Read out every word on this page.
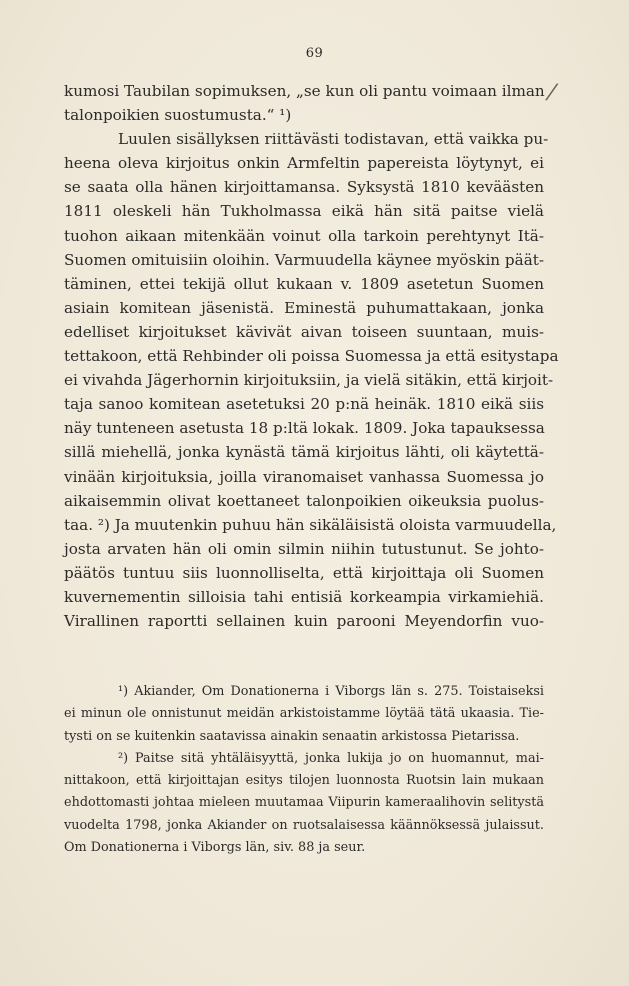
69
/
kumosi Taubilan sopimuksen, „se kun oli pantu voimaan ilman
talonpoikien suostumusta.“ ¹)
Luulen sisällyksen riittävästi todistavan, että vaikka pu-
heena oleva kirjoitus onkin Armfeltin papereista löytynyt, ei
se saata olla hänen kirjoittamansa. Syksystä 1810 keväästen
1811 oleskeli hän Tukholmassa eikä hän sitä paitse vielä
tuohon aikaan mitenkään voinut olla tarkoin perehtynyt Itä-
Suomen omituisiin oloihin. Varmuudella käynee myöskin päät-
täminen, ettei tekijä ollut kukaan v. 1809 asetetun Suomen
asiain komitean jäsenistä. Eminestä puhumattakaan, jonka
edelliset kirjoitukset kävivät aivan toiseen suuntaan, muis-
tettakoon, että Rehbinder oli poissa Suomessa ja että esitystapa
ei vivahda Jägerhornin kirjoituksiin, ja vielä sitäkin, että kirjoit-
taja sanoo komitean asetetuksi 20 p:nä heinäk. 1810 eikä siis
näy tunteneen asetusta 18 p:ltä lokak. 1809. Joka tapauksessa
sillä miehellä, jonka kynästä tämä kirjoitus lähti, oli käytettä-
vinään kirjoituksia, joilla viranomaiset vanhassa Suomessa jo
aikaisemmin olivat koettaneet talonpoikien oikeuksia puolus-
taa. ²) Ja muutenkin puhuu hän sikäläisistä oloista varmuudella,
josta arvaten hän oli omin silmin niihin tutustunut. Se johto-
päätös tuntuu siis luonnolliselta, että kirjoittaja oli Suomen
kuvernementin silloisia tahi entisiä korkeampia virkamiehiä.
Virallinen raportti sellainen kuin parooni Meyendorfin vuo-
¹) Akiander, Om Donationerna i Viborgs län s. 275. Toistaiseksi
ei minun ole onnistunut meidän arkistoistamme löytää tätä ukaasia. Tie-
tysti on se kuitenkin saatavissa ainakin senaatin arkistossa Pietarissa.
²) Paitse sitä yhtäläisyyttä, jonka lukija jo on huomannut, mai-
nittakoon, että kirjoittajan esitys tilojen luonnosta Ruotsin lain mukaan
ehdottomasti johtaa mieleen muutamaa Viipurin kameraalihovin selitystä
vuodelta 1798, jonka Akiander on ruotsalaisessa käännöksessä julaissut.
Om Donationerna i Viborgs län, siv. 88 ja seur.
